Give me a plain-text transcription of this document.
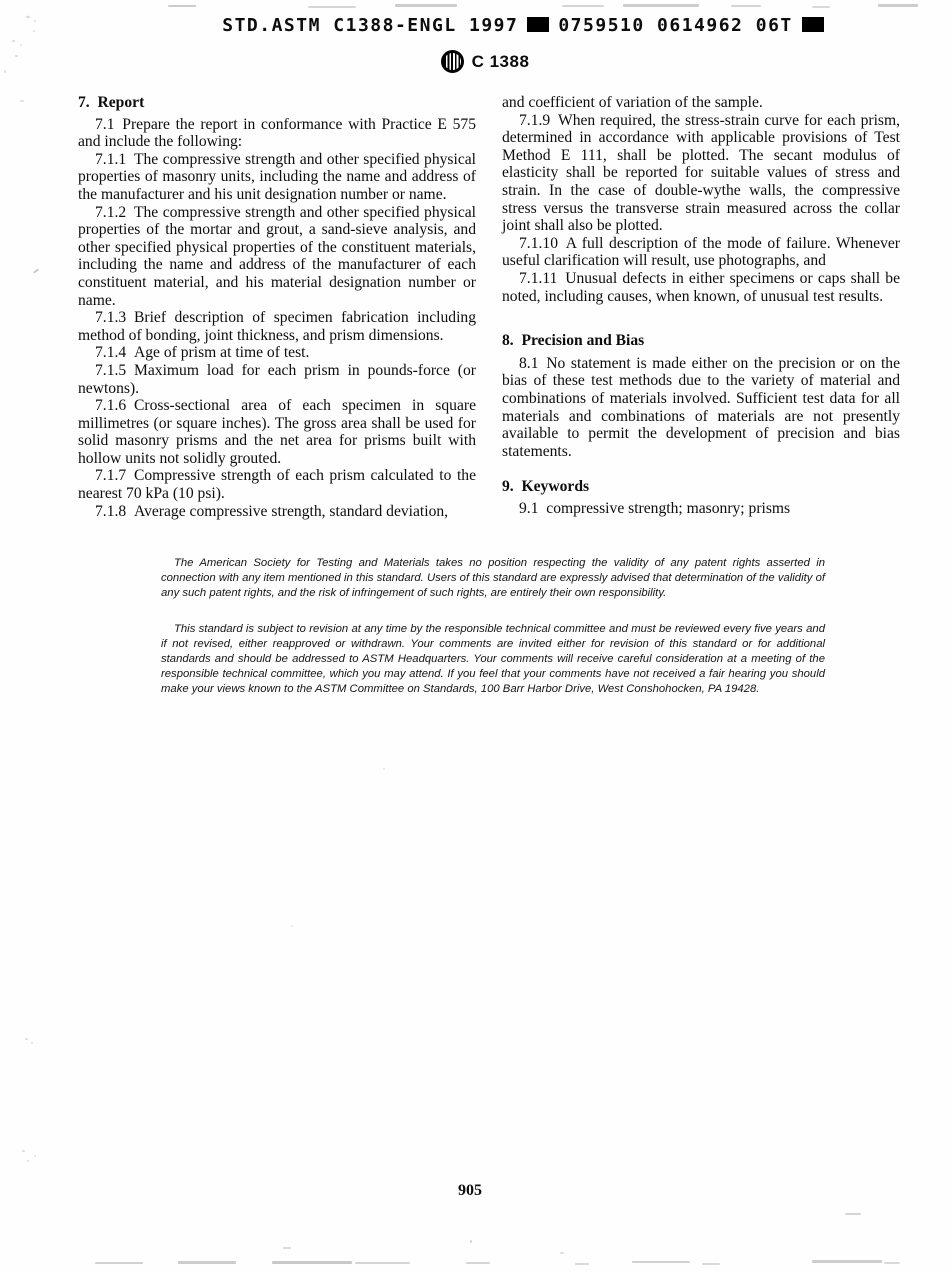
STD.ASTM C1388-ENGL 1997 0759510 0614962 06T
C 1388
7. Report

7.1 Prepare the report in conformance with Practice E 575 and include the following:

7.1.1 The compressive strength and other specified physical properties of masonry units, including the name and address of the manufacturer and his unit designation number or name.

7.1.2 The compressive strength and other specified physical properties of the mortar and grout, a sand-sieve analysis, and other specified physical properties of the constituent materials, including the name and address of the manufacturer of each constituent material, and his material designation number or name.

7.1.3 Brief description of specimen fabrication including method of bonding, joint thickness, and prism dimensions.

7.1.4 Age of prism at time of test.

7.1.5 Maximum load for each prism in pounds-force (or newtons).

7.1.6 Cross-sectional area of each specimen in square millimetres (or square inches). The gross area shall be used for solid masonry prisms and the net area for prisms built with hollow units not solidly grouted.

7.1.7 Compressive strength of each prism calculated to the nearest 70 kPa (10 psi).

7.1.8 Average compressive strength, standard deviation,

and coefficient of variation of the sample.

7.1.9 When required, the stress-strain curve for each prism, determined in accordance with applicable provisions of Test Method E 111, shall be plotted. The secant modulus of elasticity shall be reported for suitable values of stress and strain. In the case of double-wythe walls, the compressive stress versus the transverse strain measured across the collar joint shall also be plotted.

7.1.10 A full description of the mode of failure. Whenever useful clarification will result, use photographs, and

7.1.11 Unusual defects in either specimens or caps shall be noted, including causes, when known, of unusual test results.

8. Precision and Bias

8.1 No statement is made either on the precision or on the bias of these test methods due to the variety of material and combinations of materials involved. Sufficient test data for all materials and combinations of materials are not presently available to permit the development of precision and bias statements.

9. Keywords

9.1 compressive strength; masonry; prisms

The American Society for Testing and Materials takes no position respecting the validity of any patent rights asserted in connection with any item mentioned in this standard. Users of this standard are expressly advised that determination of the validity of any such patent rights, and the risk of infringement of such rights, are entirely their own responsibility.

This standard is subject to revision at any time by the responsible technical committee and must be reviewed every five years and if not revised, either reapproved or withdrawn. Your comments are invited either for revision of this standard or for additional standards and should be addressed to ASTM Headquarters. Your comments will receive careful consideration at a meeting of the responsible technical committee, which you may attend. If you feel that your comments have not received a fair hearing you should make your views known to the ASTM Committee on Standards, 100 Barr Harbor Drive, West Conshohocken, PA 19428.

905
